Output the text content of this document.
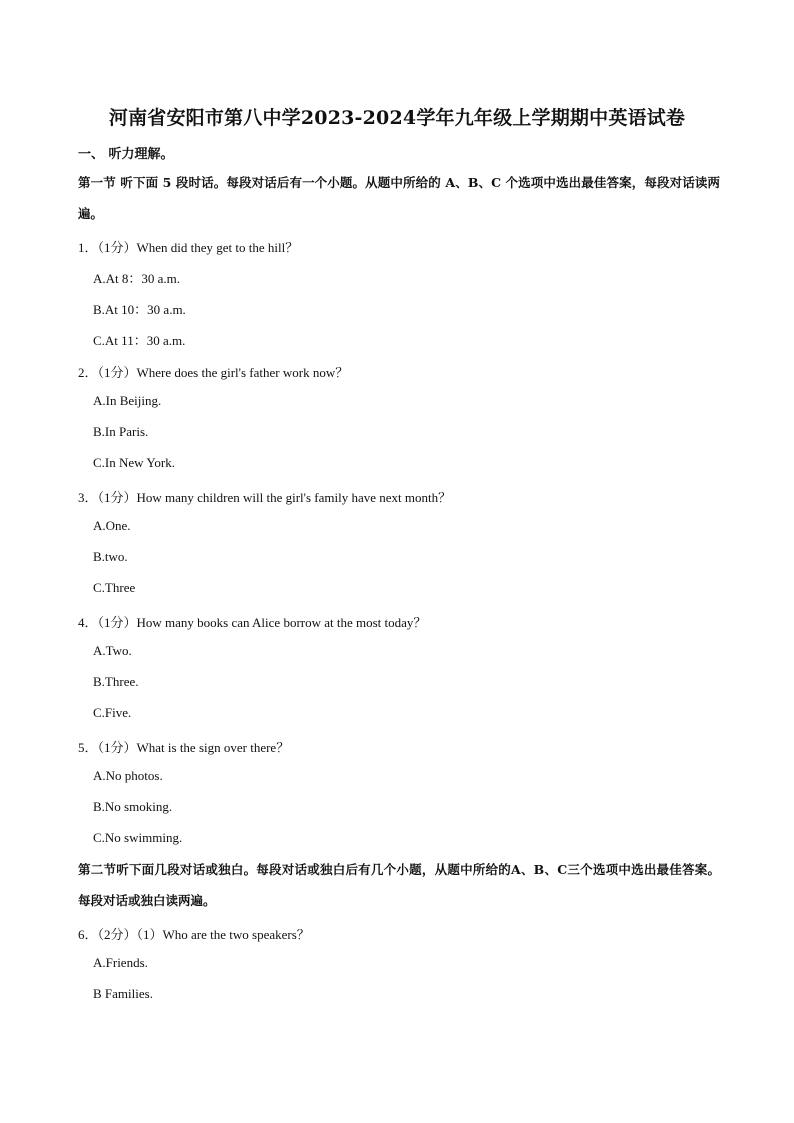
河南省安阳市第八中学2023-2024学年九年级上学期期中英语试卷
一、 听力理解。
第一节 听下面 5 段时话。每段对话后有一个小题。从题中所给的 A、B、C 个选项中选出最佳答案，每段对话读两遍。
1．（1分）When did they get to the hill？
A.At 8：30 a.m.
B.At 10：30 a.m.
C.At 11：30 a.m.
2．（1分）Where does the girl's father work now？
A.In Beijing.
B.In Paris.
C.In New York.
3．（1分）How many children will the girl's family have next month？
A.One.
B.two.
C.Three
4．（1分）How many books can Alice borrow at the most today？
A.Two.
B.Three.
C.Five.
5．（1分）What is the sign over there？
A.No photos.
B.No smoking.
C.No swimming.
第二节听下面几段对话或独白。每段对话或独白后有几个小题，从题中所给的A、B、C三个选项中选出最佳答案。每段对话或独白读两遍。
6．（2分）（1）Who are the two speakers？
A.Friends.
B Families.
